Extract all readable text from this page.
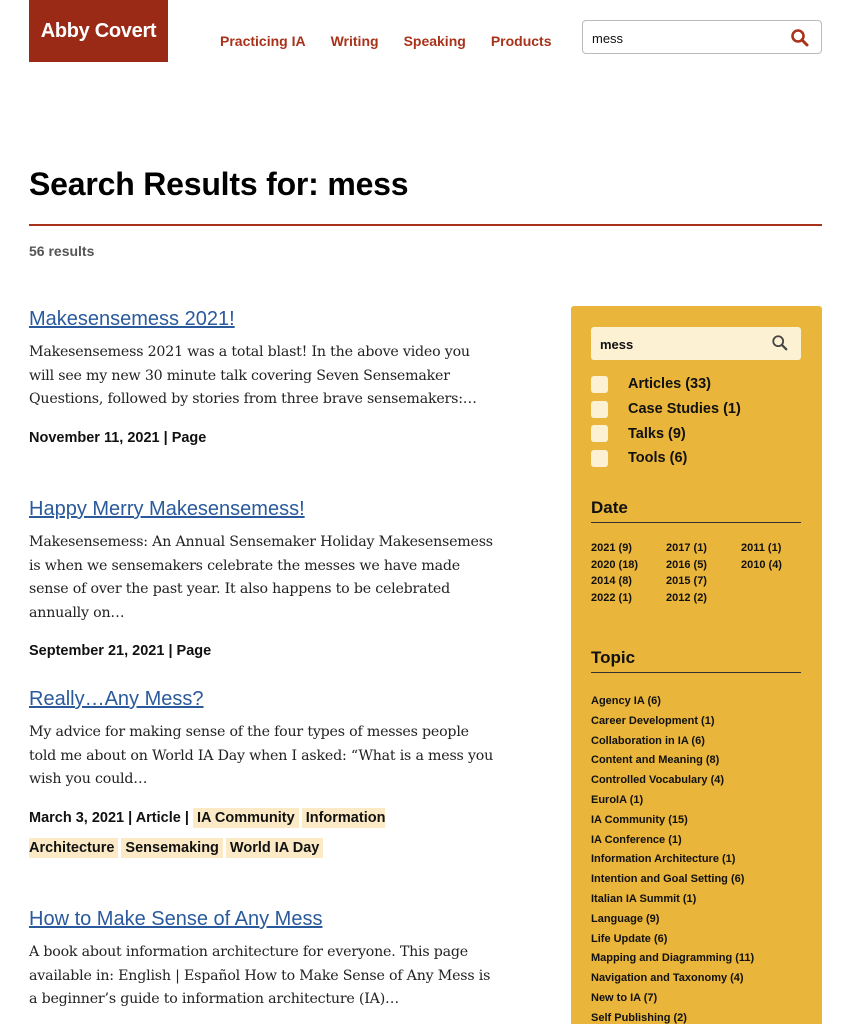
Abby Covert	Practicing IA Writing Speaking Products
mess
Search Results for: mess
56 results
Makesensemess 2021!

Makesensemess 2021 was a total blast! In the above video you will see my new 30 minute talk covering Seven Sensemaker Questions, followed by stories from three brave sensemakers:…

November 11, 2021 | Page
Happy Merry Makesensemess!

Makesensemess: An Annual Sensemaker Holiday Makesensemess is when we sensemakers celebrate the messes we have made sense of over the past year. It also happens to be celebrated annually on…

September 21, 2021 | Page
Really…Any Mess?

My advice for making sense of the four types of messes people told me about on World IA Day when I asked: “What is a mess you wish you could…

March 3, 2021 | Article | IA Community Information Architecture Sensemaking World IA Day
How to Make Sense of Any Mess

A book about information architecture for everyone. This page available in: English | Español How to Make Sense of Any Mess is a beginner’s guide to information architecture (IA)…

mess
Articles (33)
Case Studies (1)
Talks (9)
Tools (6)
Date
2021 (9)	2017 (1)	2011 (1)
2020 (18)	2016 (5)	2010 (4)
2014 (8)	2015 (7)
2022 (1)	2012 (2)
Topic
Agency IA (6)
Career Development (1)
Collaboration in IA (6)
Content and Meaning (8)
Controlled Vocabulary (4)
EuroIA (1)
IA Community (15)
IA Conference (1)
Information Architecture (1)
Intention and Goal Setting (6)
Italian IA Summit (1)
Language (9)
Life Update (6)
Mapping and Diagramming (11)
Navigation and Taxonomy (4)
New to IA (7)
Self Publishing (2)
